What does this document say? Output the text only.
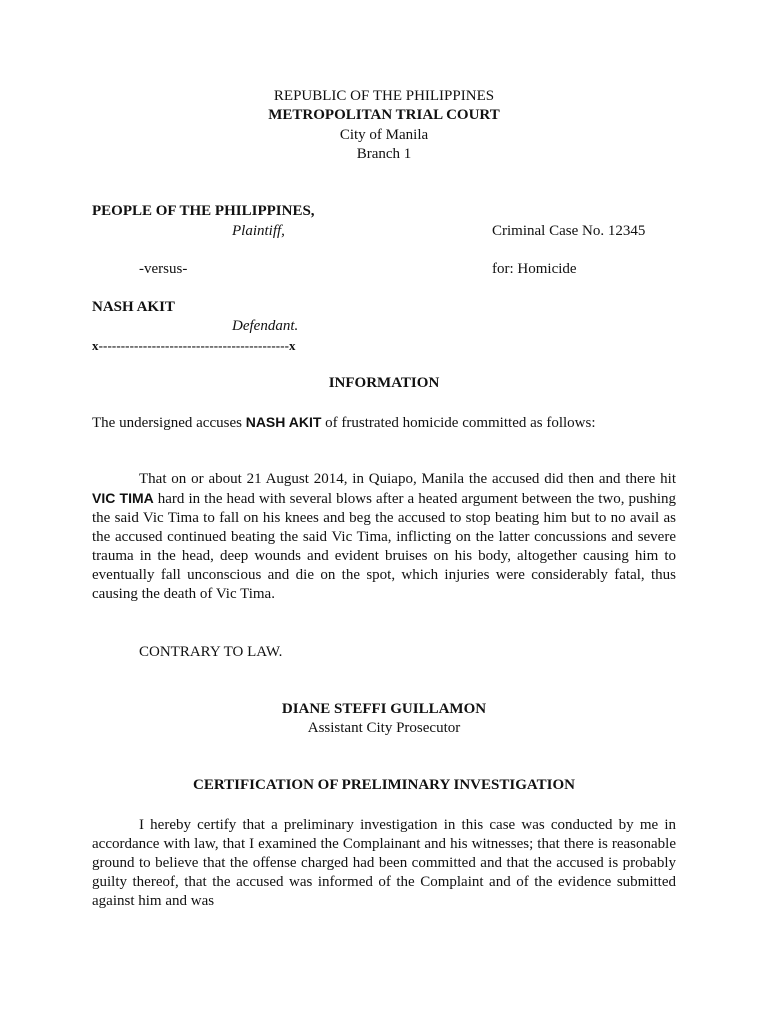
REPUBLIC OF THE PHILIPPINES
METROPOLITAN TRIAL COURT
City of Manila
Branch 1
PEOPLE OF THE PHILIPPINES,
Plaintiff,	Criminal Case No. 12345
-versus-	for: Homicide
NASH AKIT
Defendant.
x-------------------------------------------x
INFORMATION
The undersigned accuses NASH AKIT of frustrated homicide committed as follows:
That on or about 21 August 2014, in Quiapo, Manila the accused did then and there hit VIC TIMA hard in the head with several blows after a heated argument between the two, pushing the said Vic Tima to fall on his knees and beg the accused to stop beating him but to no avail as the accused continued beating the said Vic Tima, inflicting on the latter concussions and severe trauma in the head, deep wounds and evident bruises on his body, altogether causing him to eventually fall unconscious and die on the spot, which injuries were considerably fatal, thus causing the death of Vic Tima.
CONTRARY TO LAW.
DIANE STEFFI GUILLAMON
Assistant City Prosecutor
CERTIFICATION OF PRELIMINARY INVESTIGATION
I hereby certify that a preliminary investigation in this case was conducted by me in accordance with law, that I examined the Complainant and his witnesses; that there is reasonable ground to believe that the offense charged had been committed and that the accused is probably guilty thereof, that the accused was informed of the Complaint and of the evidence submitted against him and was
